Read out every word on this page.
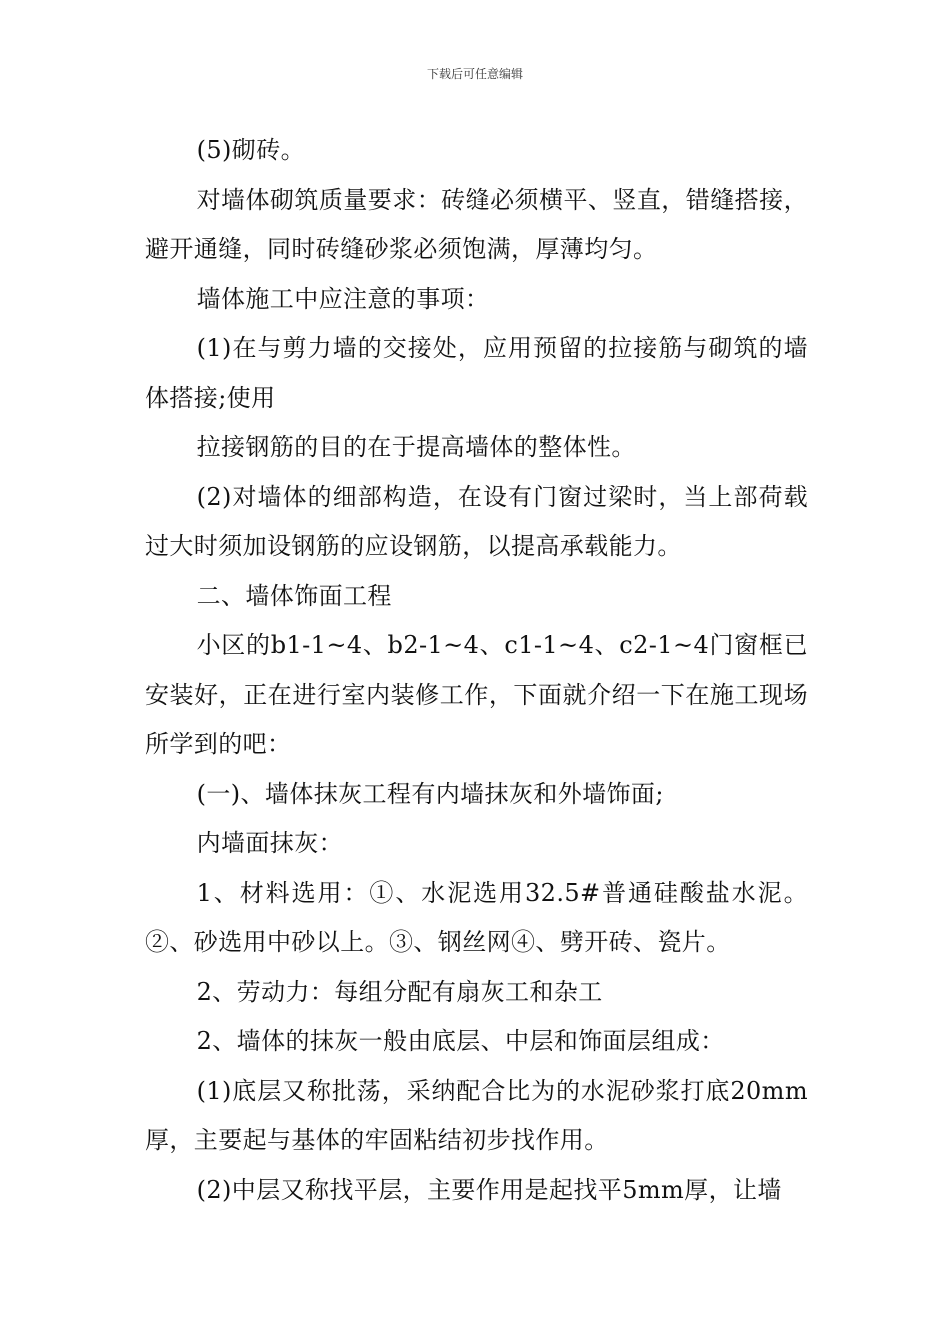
下载后可任意编辑

(5)砌砖。

对墙体砌筑质量要求：砖缝必须横平、竖直，错缝搭接，避开通缝，同时砖缝砂浆必须饱满，厚薄均匀。

墙体施工中应注意的事项：

(1)在与剪力墙的交接处，应用预留的拉接筋与砌筑的墙体搭接;使用

拉接钢筋的目的在于提高墙体的整体性。

(2)对墙体的细部构造，在设有门窗过梁时，当上部荷载过大时须加设钢筋的应设钢筋，以提高承载能力。

二、墙体饰面工程

小区的b1-1~4、b2-1~4、c1-1~4、c2-1~4门窗框已安装好，正在进行室内装修工作，下面就介绍一下在施工现场所学到的吧：

(一)、墙体抹灰工程有内墙抹灰和外墙饰面;

内墙面抹灰：

1、材料选用：①、水泥选用32.5#普通硅酸盐水泥。②、砂选用中砂以上。③、钢丝网④、劈开砖、瓷片。

2、劳动力：每组分配有扇灰工和杂工

2、墙体的抹灰一般由底层、中层和饰面层组成：

(1)底层又称批荡，采纳配合比为的水泥砂浆打底20mm厚，主要起与基体的牢固粘结初步找作用。

(2)中层又称找平层，主要作用是起找平5mm厚，让墙
